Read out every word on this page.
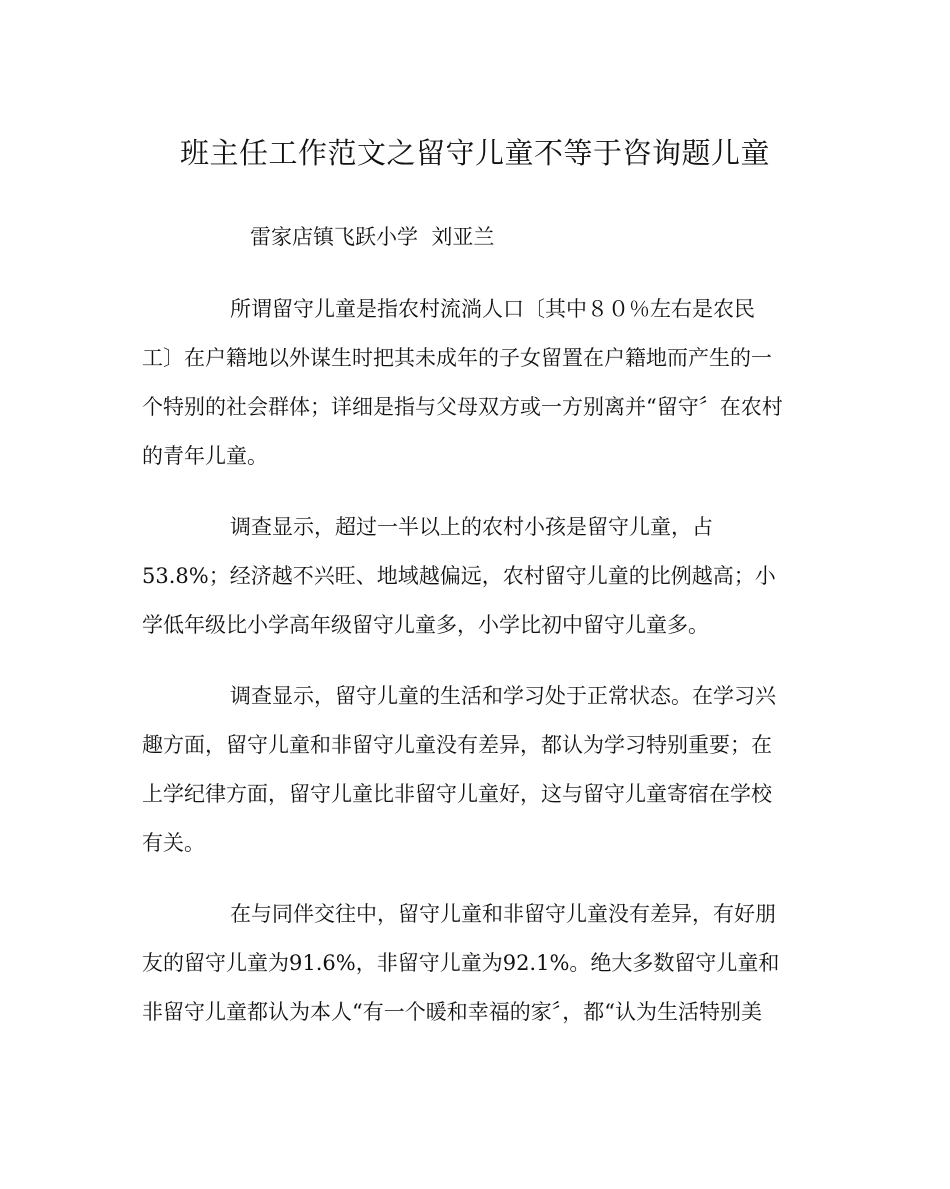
班主任工作范文之留守儿童不等于咨询题儿童
雷家店镇飞跃小学  刘亚兰
所谓留守儿童是指农村流淌人口〔其中８０％左右是农民
工〕在户籍地以外谋生时把其未成年的子女留置在户籍地而产生的一
个特别的社会群体；详细是指与父母双方或一方别离并“留守〞在农村
的青年儿童。
调查显示，超过一半以上的农村小孩是留守儿童，占
53.8%；经济越不兴旺、地域越偏远，农村留守儿童的比例越高；小
学低年级比小学高年级留守儿童多，小学比初中留守儿童多。
调查显示，留守儿童的生活和学习处于正常状态。在学习兴
趣方面，留守儿童和非留守儿童没有差异，都认为学习特别重要；在
上学纪律方面，留守儿童比非留守儿童好，这与留守儿童寄宿在学校
有关。
在与同伴交往中，留守儿童和非留守儿童没有差异，有好朋
友的留守儿童为91.6%，非留守儿童为92.1%。绝大多数留守儿童和
非留守儿童都认为本人“有一个暖和幸福的家〞，都“认为生活特别美
